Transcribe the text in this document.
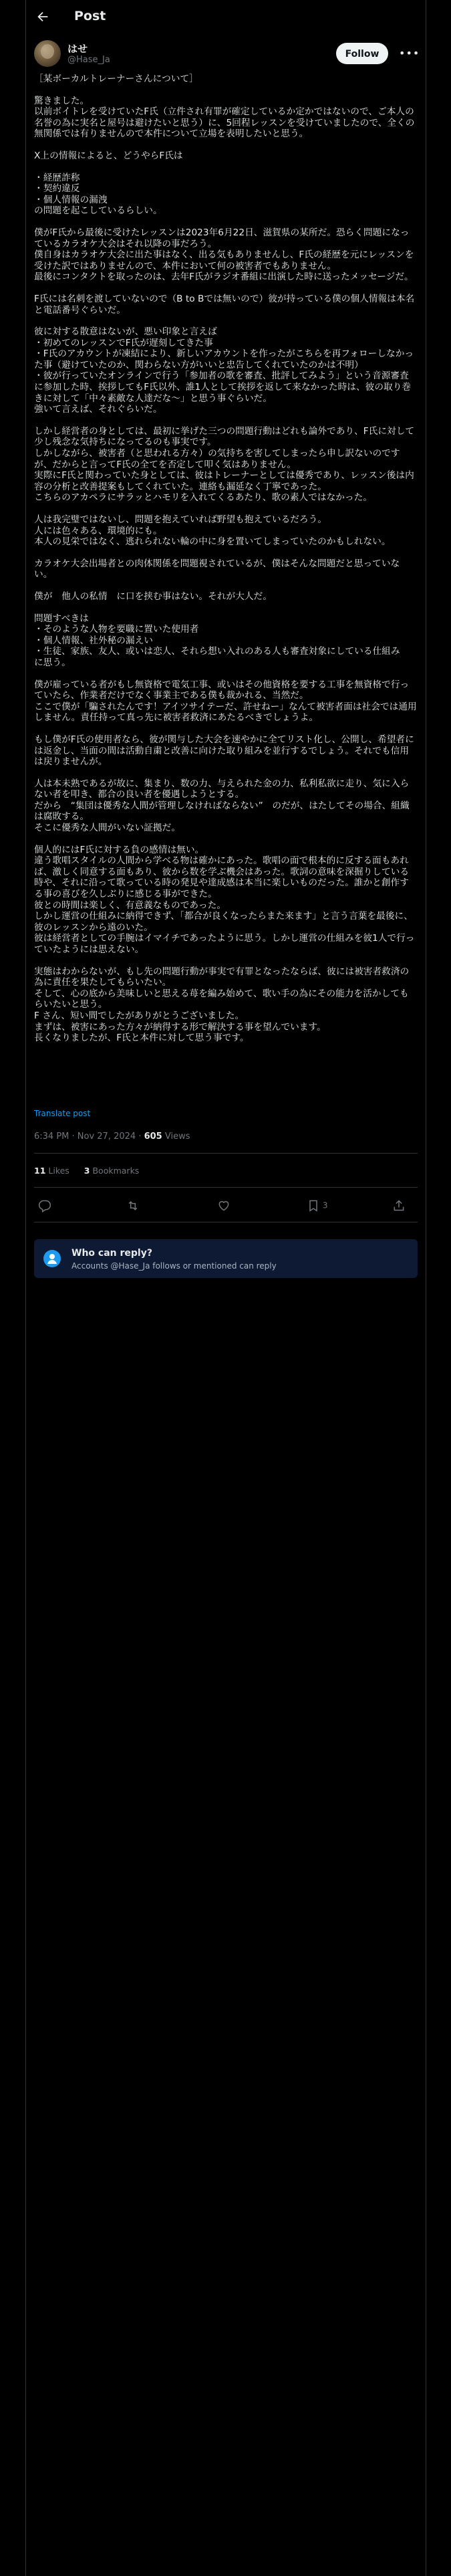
Post
はせ
@Hase_Ja
Follow	•••

［某ボーカルトレーナーさんについて］

驚きました。
以前ボイトレを受けていたF氏（立件され有罪が確定しているか定かではないので、ご本人の名誉の為に実名と屋号は避けたいと思う）に、5回程レッスンを受けていましたので、全くの無関係では有りませんので本件について立場を表明したいと思う。

X上の情報によると、どうやらF氏は

・経歴詐称
・契約違反
・個人情報の漏洩
の問題を起こしているらしい。

僕がF氏から最後に受けたレッスンは2023年6月22日、滋賀県の某所だ。恐らく問題になっているカラオケ大会はそれ以降の事だろう。
僕自身はカラオケ大会に出た事はなく、出る気もありませんし、F氏の経歴を元にレッスンを受けた訳ではありませんので、本件において何の被害者でもありません。
最後にコンタクトを取ったのは、去年F氏がラジオ番組に出演した時に送ったメッセージだ。

F氏には名刺を渡していないので（B to Bでは無いので）彼が持っている僕の個人情報は本名と電話番号ぐらいだ。

彼に対する散意はないが、悪い印象と言えば
・初めてのレッスンでF氏が遅刻してきた事
・F氏のアカウントが凍結により、新しいアカウントを作ったがこちらを再フォローしなかった事（避けていたのか、関わらない方がいいと忠告してくれていたのかは不明）
・彼が行っていたオンラインで行う「参加者の歌を審査、批評してみよう」という音源審査に参加した時、挨拶してもF氏以外、誰1人として挨拶を返して来なかった時は、彼の取り巻きに対して「中々素敵な人達だな〜」と思う事ぐらいだ。
強いて言えば、それぐらいだ。

しかし経営者の身としては、最初に挙げた三つの問題行動はどれも論外であり、F氏に対して少し残念な気持ちになってるのも事実です。
しかしながら、被害者（と思われる方々）の気持ちを害してしまったら申し訳ないのですが、だからと言ってF氏の全てを否定して叩く気はありません。
実際にF氏と関わっていた身としては、彼はトレーナーとしては優秀であり、レッスン後は内容の分析と改善提案もしてくれていた。連絡も漏延なく丁寧であった。
こちらのアカペラにサラッとハモリを入れてくるあたり、歌の素人ではなかった。

人は我完璧ではないし、問題を抱えていれば野望も抱えているだろう。
人には色々ある、環境的にも。
本人の見栄ではなく、逃れられない輪の中に身を置いてしまっていたのかもしれない。

カラオケ大会出場者との肉体関係を問題視されているが、僕はそんな問題だと思っていない。

僕が　他人の私情　に口を挟む事はない。それが大人だ。

問題すべきは
・そのような人物を要職に置いた使用者
・個人情報、社外秘の漏えい
・生徒、家族、友人、或いは恋人、それら想い入れのある人も審査対象にしている仕組み
に思う。

僕が雇っている者がもし無資格で電気工事、或いはその他資格を要する工事を無資格で行っていたら、作業者だけでなく事業主である僕も裁かれる、当然だ。
ここで僕が「騙されたんです！アイツサイテーだ、許せねー」なんて被害者面は社会では通用しません。責任持って真っ先に被害者救済にあたるべきでしょうよ。

もし僕がF氏の使用者なら、彼が関与した大会を速やかに全てリスト化し、公開し、希望者には返金し、当面の間は活動自粛と改善に向けた取り組みを並行するでしょう。それでも信用は戻りませんが。

人は本未熟であるが故に、集まり、数の力、与えられた金の力、私利私欲に走り、気に入らない者を叩き、都合の良い者を優遇しようとする。
だから　“集団は優秀な人間が管理しなければならない”　のだが、はたしてその場合、組織は腐敗する。
そこに優秀な人間がいない証拠だ。

個人的にはF氏に対する負の感情は無い。
違う歌唱スタイルの人間から学べる物は確かにあった。歌唱の面で根本的に反する面もあれば、激しく同意する面もあり、彼から数を学ぶ機会はあった。歌詞の意味を深掘りしている時や、それに沿って歌っている時の発見や達成感は本当に楽しいものだった。誰かと創作する事の喜びを久しぶりに感じる事ができた。
彼との時間は楽しく、有意義なものであった。
しかし運営の仕組みに納得できず、「都合が良くなったらまた来ます」と言う言葉を最後に、彼のレッスンから遠のいた。
彼は経営者としての手腕はイマイチであったように思う。しかし運営の仕組みを彼1人で行っていたようには思えない。

実態はわからないが、もし先の問題行動が事実で有罪となったならば、彼には被害者救済の為に責任を果たしてもらいたい。
そして、心の底から美味しいと思える苺を編み始めて、歌い手の為にその能力を活かしてもらいたいと思う。
F さん、短い間でしたがありがとうございました。
まずは、被害にあった方々が納得する形で解決する事を望んでいます。
長くなりましたが、F氏と本件に対して思う事です。

Translate post
6:34 PM · Nov 27, 2024 · 605 Views
11 Likes 3 Bookmarks
3
Who can reply?
Accounts @Hase_Ja follows or mentioned can reply
